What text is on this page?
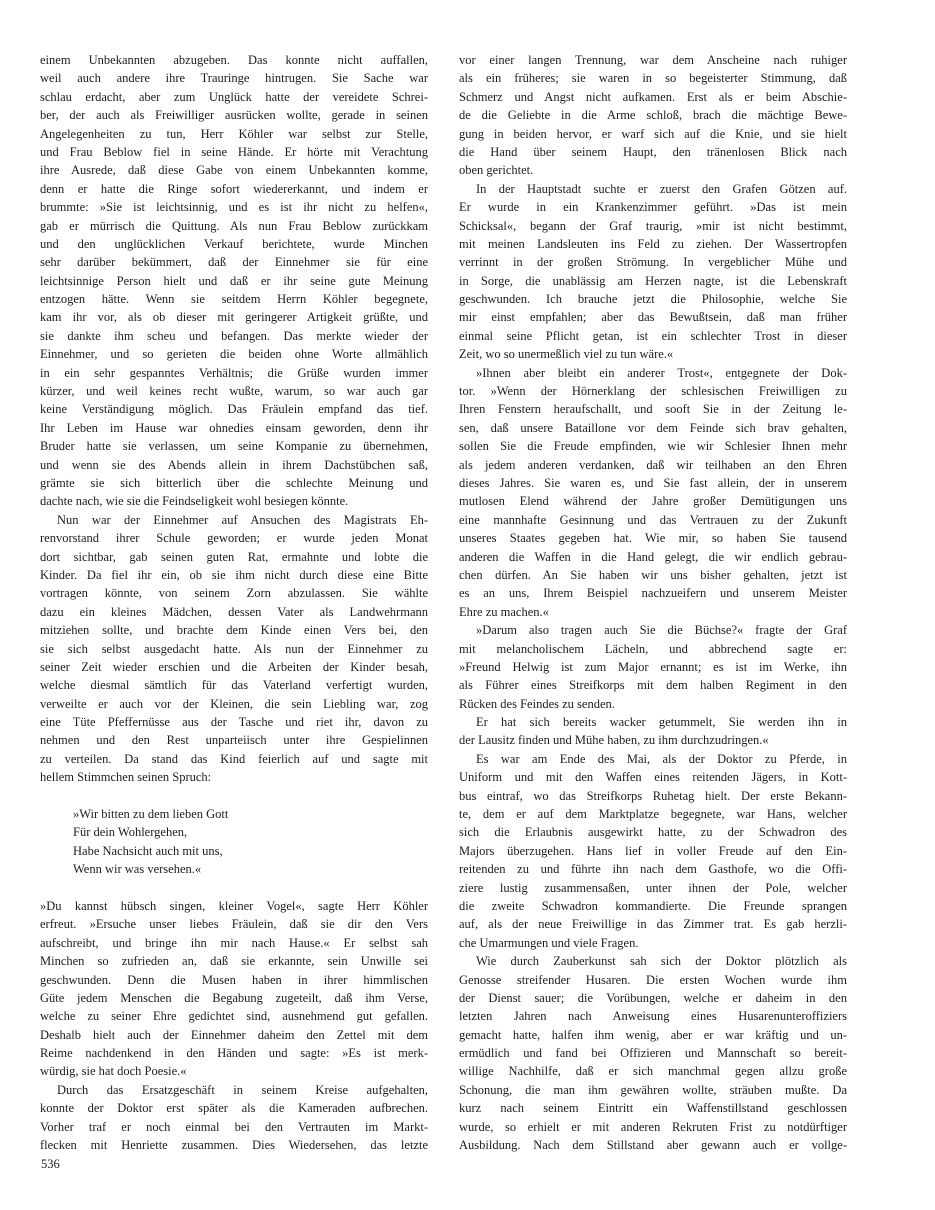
einem Unbekannten abzugeben. Das konnte nicht auffallen,
weil auch andere ihre Trauringe hintrugen. Sie Sache war
schlau erdacht, aber zum Unglück hatte der vereidete Schrei-
ber, der auch als Freiwilliger ausrücken wollte, gerade in seinen
Angelegenheiten zu tun, Herr Köhler war selbst zur Stelle,
und Frau Beblow fiel in seine Hände. Er hörte mit Verachtung
ihre Ausrede, daß diese Gabe von einem Unbekannten komme,
denn er hatte die Ringe sofort wiedererkannt, und indem er
brummte: »Sie ist leichtsinnig, und es ist ihr nicht zu helfen«,
gab er mürrisch die Quittung. Als nun Frau Beblow zurückkam
und den unglücklichen Verkauf berichtete, wurde Minchen
sehr darüber bekümmert, daß der Einnehmer sie für eine
leichtsinnige Person hielt und daß er ihr seine gute Meinung
entzogen hätte. Wenn sie seitdem Herrn Köhler begegnete,
kam ihr vor, als ob dieser mit geringerer Artigkeit grüßte, und
sie dankte ihm scheu und befangen. Das merkte wieder der
Einnehmer, und so gerieten die beiden ohne Worte allmählich
in ein sehr gespanntes Verhältnis; die Grüße wurden immer
kürzer, und weil keines recht wußte, warum, so war auch gar
keine Verständigung möglich. Das Fräulein empfand das tief.
Ihr Leben im Hause war ohnedies einsam geworden, denn ihr
Bruder hatte sie verlassen, um seine Kompanie zu übernehmen,
und wenn sie des Abends allein in ihrem Dachstübchen saß,
grämte sie sich bitterlich über die schlechte Meinung und
dachte nach, wie sie die Feindseligkeit wohl besiegen könnte.
Nun war der Einnehmer auf Ansuchen des Magistrats Eh-
renvorstand ihrer Schule geworden; er wurde jeden Monat
dort sichtbar, gab seinen guten Rat, ermahnte und lobte die
Kinder. Da fiel ihr ein, ob sie ihm nicht durch diese eine Bitte
vortragen könnte, von seinem Zorn abzulassen. Sie wählte
dazu ein kleines Mädchen, dessen Vater als Landwehrmann
mitziehen sollte, und brachte dem Kinde einen Vers bei, den
sie sich selbst ausgedacht hatte. Als nun der Einnehmer zu
seiner Zeit wieder erschien und die Arbeiten der Kinder besah,
welche diesmal sämtlich für das Vaterland verfertigt wurden,
verweilte er auch vor der Kleinen, die sein Liebling war, zog
eine Tüte Pfeffernüsse aus der Tasche und riet ihr, davon zu
nehmen und den Rest unparteiisch unter ihre Gespielinnen
zu verteilen. Da stand das Kind feierlich auf und sagte mit
hellem Stimmchen seinen Spruch:
»Wir bitten zu dem lieben Gott
Für dein Wohlergehen,
Habe Nachsicht auch mit uns,
Wenn wir was versehen.«
»Du kannst hübsch singen, kleiner Vogel«, sagte Herr Köhler
erfreut. »Ersuche unser liebes Fräulein, daß sie dir den Vers
aufschreibt, und bringe ihn mir nach Hause.« Er selbst sah
Minchen so zufrieden an, daß sie erkannte, sein Unwille sei
geschwunden. Denn die Musen haben in ihrer himmlischen
Güte jedem Menschen die Begabung zugeteilt, daß ihm Verse,
welche zu seiner Ehre gedichtet sind, ausnehmend gut gefallen.
Deshalb hielt auch der Einnehmer daheim den Zettel mit dem
Reime nachdenkend in den Händen und sagte: »Es ist merk-
würdig, sie hat doch Poesie.«
Durch das Ersatzgeschäft in seinem Kreise aufgehalten,
konnte der Doktor erst später als die Kameraden aufbrechen.
Vorher traf er noch einmal bei den Vertrauten im Markt-
flecken mit Henriette zusammen. Dies Wiedersehen, das letzte
vor einer langen Trennung, war dem Anscheine nach ruhiger
als ein früheres; sie waren in so begeisterter Stimmung, daß
Schmerz und Angst nicht aufkamen. Erst als er beim Abschie-
de die Geliebte in die Arme schloß, brach die mächtige Bewe-
gung in beiden hervor, er warf sich auf die Knie, und sie hielt
die Hand über seinem Haupt, den tränenlosen Blick nach
oben gerichtet.
In der Hauptstadt suchte er zuerst den Grafen Götzen auf.
Er wurde in ein Krankenzimmer geführt. »Das ist mein
Schicksal«, begann der Graf traurig, »mir ist nicht bestimmt,
mit meinen Landsleuten ins Feld zu ziehen. Der Wassertropfen
verrinnt in der großen Strömung. In vergeblicher Mühe und
in Sorge, die unablässig am Herzen nagte, ist die Lebenskraft
geschwunden. Ich brauche jetzt die Philosophie, welche Sie
mir einst empfahlen; aber das Bewußtsein, daß man früher
einmal seine Pflicht getan, ist ein schlechter Trost in dieser
Zeit, wo so unermeßlich viel zu tun wäre.«
»Ihnen aber bleibt ein anderer Trost«, entgegnete der Dok-
tor. »Wenn der Hörnerklang der schlesischen Freiwilligen zu
Ihren Fenstern heraufschallt, und sooft Sie in der Zeitung le-
sen, daß unsere Bataillone vor dem Feinde sich brav gehalten,
sollen Sie die Freude empfinden, wie wir Schlesier Ihnen mehr
als jedem anderen verdanken, daß wir teilhaben an den Ehren
dieses Jahres. Sie waren es, und Sie fast allein, der in unserem
mutlosen Elend während der Jahre großer Demütigungen uns
eine mannhafte Gesinnung und das Vertrauen zu der Zukunft
unseres Staates gegeben hat. Wie mir, so haben Sie tausend
anderen die Waffen in die Hand gelegt, die wir endlich gebrau-
chen dürfen. An Sie haben wir uns bisher gehalten, jetzt ist
es an uns, Ihrem Beispiel nachzueifern und unserem Meister
Ehre zu machen.«
»Darum also tragen auch Sie die Büchse?« fragte der Graf
mit melancholischem Lächeln, und abbrechend sagte er:
»Freund Helwig ist zum Major ernannt; es ist im Werke, ihn
als Führer eines Streifkorps mit dem halben Regiment in den
Rücken des Feindes zu senden.
Er hat sich bereits wacker getummelt, Sie werden ihn in
der Lausitz finden und Mühe haben, zu ihm durchzudringen.«
Es war am Ende des Mai, als der Doktor zu Pferde, in
Uniform und mit den Waffen eines reitenden Jägers, in Kott-
bus eintraf, wo das Streifkorps Ruhetag hielt. Der erste Bekann-
te, dem er auf dem Marktplatze begegnete, war Hans, welcher
sich die Erlaubnis ausgewirkt hatte, zu der Schwadron des
Majors überzugehen. Hans lief in voller Freude auf den Ein-
reitenden zu und führte ihn nach dem Gasthofe, wo die Offi-
ziere lustig zusammensaßen, unter ihnen der Pole, welcher
die zweite Schwadron kommandierte. Die Freunde sprangen
auf, als der neue Freiwillige in das Zimmer trat. Es gab herzli-
che Umarmungen und viele Fragen.
Wie durch Zauberkunst sah sich der Doktor plötzlich als
Genosse streifender Husaren. Die ersten Wochen wurde ihm
der Dienst sauer; die Vorübungen, welche er daheim in den
letzten Jahren nach Anweisung eines Husarenunteroffiziers
gemacht hatte, halfen ihm wenig, aber er war kräftig und un-
ermüdlich und fand bei Offizieren und Mannschaft so bereit-
willige Nachhilfe, daß er sich manchmal gegen allzu große
Schonung, die man ihm gewähren wollte, sträuben mußte. Da
kurz nach seinem Eintritt ein Waffenstillstand geschlossen
wurde, so erhielt er mit anderen Rekruten Frist zu notdürftiger
Ausbildung. Nach dem Stillstand aber gewann auch er vollge-
536
